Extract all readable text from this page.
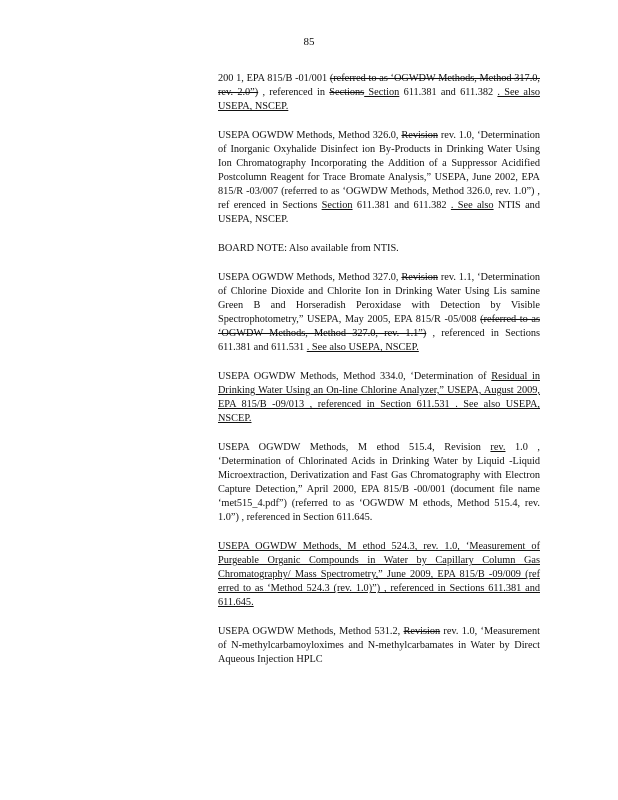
85

200 1, EPA 815/B -01/001 (referred to as ‘OGWDW Methods, Method 317.0, rev. 2.0”) , referenced in Sections Section 611.381 and 611.382 . See also USEPA, NSCEP.

USEPA OGWDW Methods, Method 326.0, Revision rev. 1.0, ‘Determination of Inorganic Oxyhalide Disinfect ion By-Products in Drinking Water Using Ion Chromatography Incorporating the Addition of a Suppressor Acidified Postcolumn Reagent for Trace Bromate Analysis,” USEPA, June 2002, EPA 815/R -03/007 (referred to as ‘OGWDW Methods, Method 326.0, rev. 1.0”) , ref erenced in Sections Section 611.381 and 611.382 . See also NTIS and USEPA, NSCEP.

BOARD NOTE: Also available from NTIS.

USEPA OGWDW Methods, Method 327.0, Revision rev. 1.1, ‘Determination of Chlorine Dioxide and Chlorite Ion in Drinking Water Using Lis samine Green B and Horseradish Peroxidase with Detection by Visible Spectrophotometry,” USEPA, May 2005, EPA 815/R -05/008 (referred to as ‘OGWDW Methods, Method 327.0, rev. 1.1”) , referenced in Sections 611.381 and 611.531 . See also USEPA, NSCEP.

USEPA OGWDW Methods, Method 334.0, ‘Determination of Residual in Drinking Water Using an On-line Chlorine Analyzer,” USEPA, August 2009, EPA 815/B -09/013 , referenced in Section 611.531 . See also USEPA, NSCEP.

USEPA OGWDW Methods, M ethod 515.4, Revision rev. 1.0 , ‘Determination of Chlorinated Acids in Drinking Water by Liquid -Liquid Microextraction, Derivatization and Fast Gas Chromatography with Electron Capture Detection,” April 2000, EPA 815/B -00/001 (document file name ‘met515_4.pdf”) (referred to as ‘OGWDW M ethods, Method 515.4, rev. 1.0”) , referenced in Section 611.645.

USEPA OGWDW Methods, M ethod 524.3, rev. 1.0, ‘Measurement of Purgeable Organic Compounds in Water by Capillary Column Gas Chromatography/ Mass Spectrometry,” June 2009, EPA 815/B -09/009 (ref erred to as ‘Method 524.3 (rev. 1.0)”) , referenced in Sections 611.381 and 611.645.

USEPA OGWDW Methods, Method 531.2, Revision rev. 1.0, ‘Measurement of N-methylcarbamoyloximes and N-methylcarbamates in Water by Direct Aqueous Injection HPLC
